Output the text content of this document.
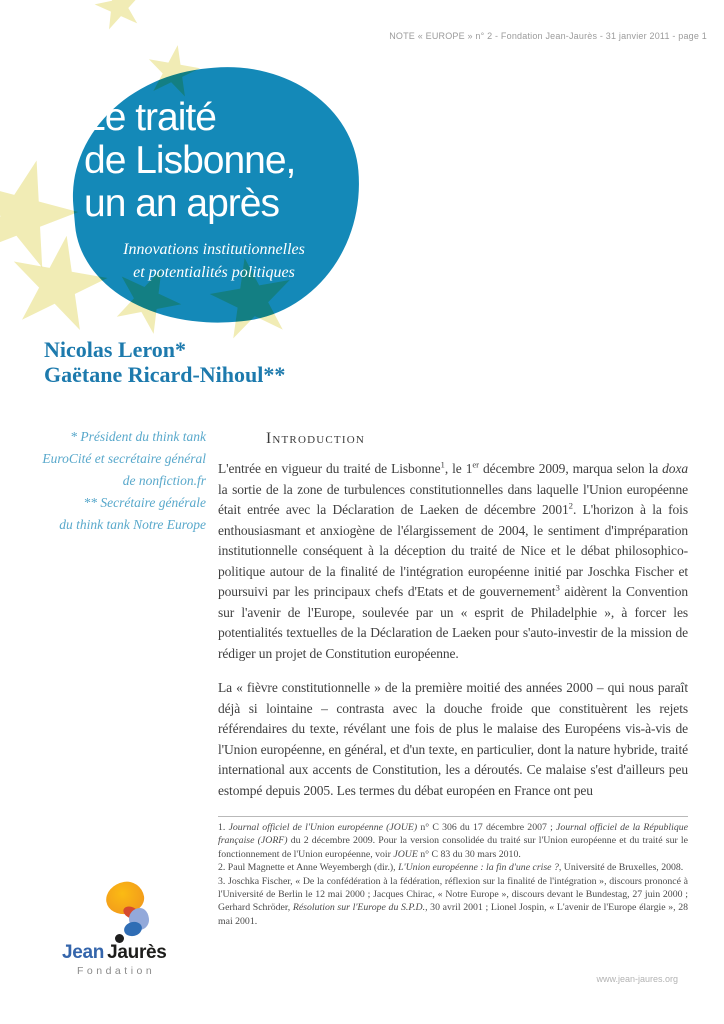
NOTE « EUROPE » n° 2 - Fondation Jean-Jaurès - 31 janvier 2011 - page 1
Le traité
de Lisbonne,
un an après
Innovations institutionnelles
et potentialités politiques
Nicolas Leron*
Gaëtane Ricard-Nihoul**
* Président du think tank
EuroCité et secrétaire général
de nonfiction.fr
** Secrétaire générale
du think tank Notre Europe
Introduction

L'entrée en vigueur du traité de Lisbonne$^1$, le 1er décembre 2009, marqua selon la doxa la sortie de la zone de turbulences constitutionnelles dans laquelle l'Union européenne était entrée avec la Déclaration de Laeken de décembre 2001$^2$. L'horizon à la fois enthousiasmant et anxiogène de l'élargissement de 2004, le sentiment d'impréparation institutionnelle conséquent à la déception du traité de Nice et le débat philosophico-politique autour de la finalité de l'intégration européenne initié par Joschka Fischer et poursuivi par les principaux chefs d'Etats et de gouvernement$^3$ aidèrent la Convention sur l'avenir de l'Europe, soulevée par un « esprit de Philadelphie », à forcer les potentialités textuelles de la Déclaration de Laeken pour s'auto-investir de la mission de rédiger un projet de Constitution européenne.

La « fièvre constitutionnelle » de la première moitié des années 2000 – qui nous paraît déjà si lointaine – contrasta avec la douche froide que constituèrent les rejets référendaires du texte, révélant une fois de plus le malaise des Européens vis-à-vis de l'Union européenne, en général, et d'un texte, en particulier, dont la nature hybride, traité international aux accents de Constitution, les a déroutés. Ce malaise s'est d'ailleurs peu estompé depuis 2005. Les termes du débat européen en France ont peu

1. Journal officiel de l'Union européenne (JOUE) n° C 306 du 17 décembre 2007 ; Journal officiel de la République française (JORF) du 2 décembre 2009. Pour la version consolidée du traité sur l'Union européenne et du traité sur le fonctionnement de l'Union européenne, voir JOUE n° C 83 du 30 mars 2010.

2. Paul Magnette et Anne Weyembergh (dir.), L'Union européenne : la fin d'une crise ?, Université de Bruxelles, 2008.

3. Joschka Fischer, « De la confédération à la fédération, réflexion sur la finalité de l'intégration », discours prononcé à l'Université de Berlin le 12 mai 2000 ; Jacques Chirac, « Notre Europe », discours devant le Bundestag, 27 juin 2000 ; Gerhard Schröder, Résolution sur l'Europe du S.P.D., 30 avril 2001 ; Lionel Jospin, « L'avenir de l'Europe élargie », 28 mai 2001.

Jean Jaurès
Fondation
www.jean-jaures.org
